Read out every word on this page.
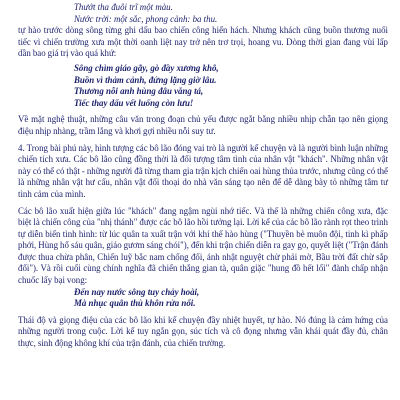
Thướt tha đuôi trĩ một màu.

Nước trời: một sắc, phong cảnh: ba thu.

tự hào trước dòng sông từng ghi dấu bao chiến công hiển hách. Nhưng khách cũng buồn thương nuối tiếc vì chiến trường xưa một thời oanh liệt nay trở nên trơ trọi, hoang vu. Dòng thời gian đang vùi lấp dần bao giá trị vào quá khứ:

Sông chìm giáo gãy, gò đầy xương khô,

Buồn vì thảm cảnh, đứng lặng giờ lâu.

Thương nỗi anh hùng đâu vắng tá,

Tiếc thay dấu vết luống còn lưu!

Về mặt nghệ thuật, những câu văn trong đoạn chủ yếu được ngắt bằng nhiều nhịp chẵn tạo nên giọng điệu nhịp nhàng, trầm lắng và khơi gợi nhiều nỗi suy tư.

4. Trong bài phú này, hình tượng các bô lão đóng vai trò là người kể chuyện và là người bình luận những chiến tích xưa. Các bô lão cũng đồng thời là đối tượng tâm tình của nhân vật "khách". Những nhân vật này có thể có thật - những người đã từng tham gia trận kịch chiến oai hùng thủa trước, nhưng cũng có thể là những nhân vật hư cấu, nhân vật đối thoại do nhà văn sáng tạo nên để dễ dàng bày tỏ những tâm tư tình cảm của mình.

Các bô lão xuất hiện giữa lúc "khách" đang ngậm ngùi nhớ tiếc. Và thế là những chiến công xưa, đặc biệt là chiến công của "nhị thánh" được các bô lão hồi tưởng lại. Lời kể của các bô lão rành rọt theo trình tự diễn biến tình hình: từ lúc quân ta xuất trận với khí thế hào hùng ("Thuyền bè muôn đội, tinh kì phấp phới, Hùng hổ sáu quân, giáo gươm sáng chói"), đến khi trận chiến diễn ra gay go, quyết liệt ("Trận đánh được thua chừa phân, Chiến luỹ bắc nam chống đối, ánh nhật nguyệt chừ phải mờ, Bầu trời đất chừ sắp đổi"). Và rồi cuối cùng chính nghĩa đã chiến thắng gian tà, quân giặc "hung đồ hết lối" đành chấp nhận chuốc lấy bại vong:

Đến nay nước sông tuy chảy hoài,

Mà nhục quân thù khôn rửa nổi.

Thái độ và giọng điệu của các bô lão khi kể chuyện đầy nhiệt huyết, tự hào. Nó đúng là cảm hứng của những người trong cuộc. Lời kể tuy ngắn gọn, súc tích và cô đọng nhưng vẫn khái quát đầy đủ, chân thực, sinh động không khí của trận đánh, của chiến trường.
